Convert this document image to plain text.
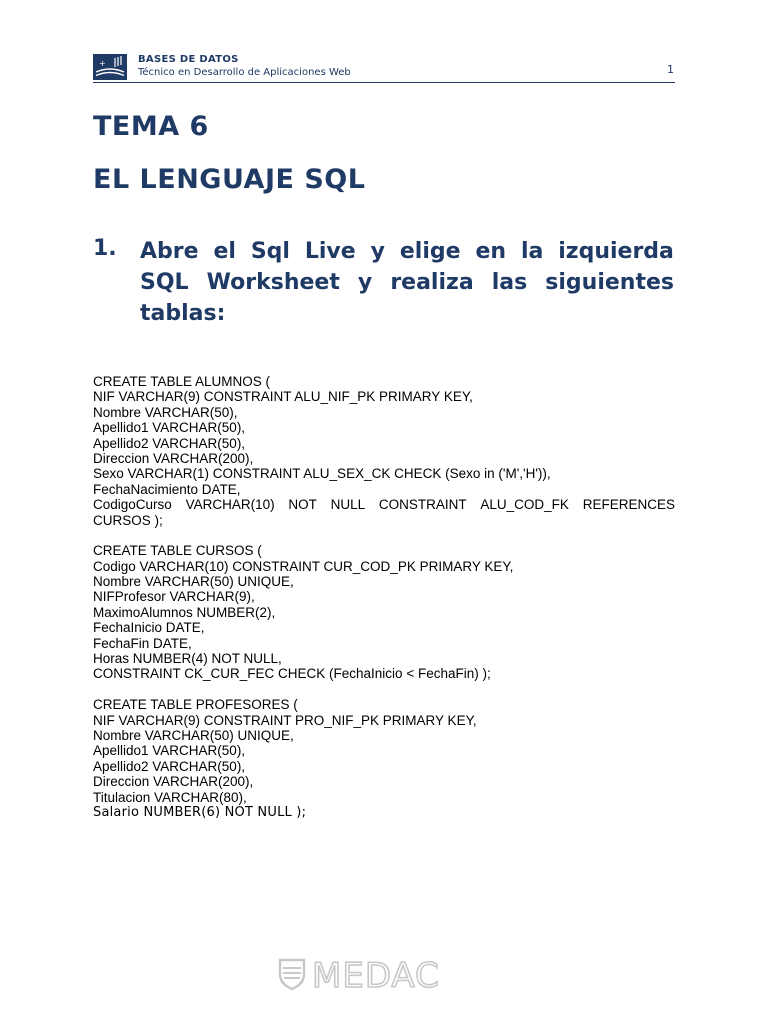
+	BASES DE DATOS
Técnico en Desarrollo de Aplicaciones Web	1
TEMA 6
EL LENGUAJE SQL
1. Abre el Sql Live y elige en la izquierda
SQL Worksheet y realiza las siguientes
tablas:
CREATE TABLE ALUMNOS (
NIF VARCHAR(9) CONSTRAINT ALU_NIF_PK PRIMARY KEY,
Nombre VARCHAR(50),
Apellido1 VARCHAR(50),
Apellido2 VARCHAR(50),
Direccion VARCHAR(200),
Sexo VARCHAR(1) CONSTRAINT ALU_SEX_CK CHECK (Sexo in ('M','H')),
FechaNacimiento DATE,
CodigoCurso VARCHAR(10) NOT NULL CONSTRAINT ALU_COD_FK REFERENCES
CURSOS );
CREATE TABLE CURSOS (
Codigo VARCHAR(10) CONSTRAINT CUR_COD_PK PRIMARY KEY,
Nombre VARCHAR(50) UNIQUE,
NIFProfesor VARCHAR(9),
MaximoAlumnos NUMBER(2),
FechaInicio DATE,
FechaFin DATE,
Horas NUMBER(4) NOT NULL,
CONSTRAINT CK_CUR_FEC CHECK (FechaInicio < FechaFin) );
CREATE TABLE PROFESORES (
NIF VARCHAR(9) CONSTRAINT PRO_NIF_PK PRIMARY KEY,
Nombre VARCHAR(50) UNIQUE,
Apellido1 VARCHAR(50),
Apellido2 VARCHAR(50),
Direccion VARCHAR(200),
Titulacion VARCHAR(80),
Salario NUMBER(6) NOT NULL );
MEDAC
